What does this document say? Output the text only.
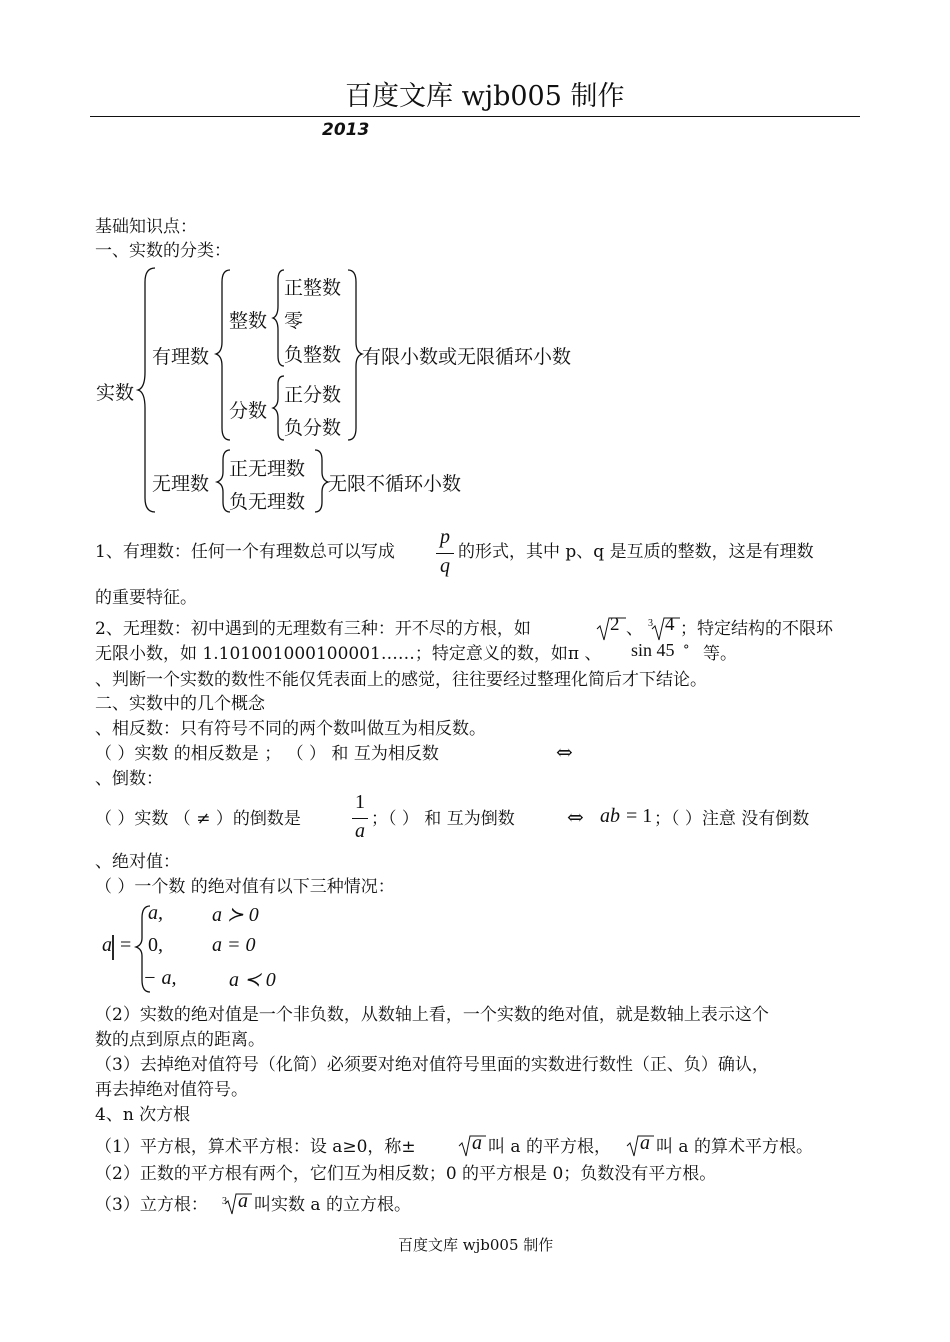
百度文库 wjb005 制作
2013
基础知识点：
一、实数的分类：
实数
有理数
整数
正整数
零
负整数 有限小数或无限循环小数
分数
正分数
负分数
无理数
正无理数
负无理数
无限不循环小数
1、有理数：任何一个有理数总可以写成
p
q
的形式，其中 p、q 是互质的整数，这是有理数
的重要特征。
2、无理数：初中遇到的无理数有三种：开不尽的方根，如	2 、 3 4 ；特定结构的不限环
无限小数，如 1.101001000100001……；特定意义的数，如π 、 sin 45 ° 等。
、判断一个实数的数性不能仅凭表面上的感觉，往往要经过整理化简后才下结论。
二、实数中的几个概念
、相反数：只有符号不同的两个数叫做互为相反数。
（ ）实数 的相反数是 ； （ ） 和 互为相反数	⇔
、倒数：
（ ）实数 （ ≠ ）的倒数是
1
a
；（ ） 和 互为倒数	⇔ ab = 1 ；（ ）注意 没有倒数
、绝对值：
（ ）一个数 的绝对值有以下三种情况：
a =
a, a ≻ 0
0, a = 0
− a,	a ≺ 0
（2）实数的绝对值是一个非负数，从数轴上看，一个实数的绝对值，就是数轴上表示这个
数的点到原点的距离。
（3）去掉绝对值符号（化简）必须要对绝对值符号里面的实数进行数性（正、负）确认，
再去掉绝对值符号。
4、n 次方根
（1）平方根，算术平方根：设 a≥0，称±	a 叫 a 的平方根， a 叫 a 的算术平方根。
（2）正数的平方根有两个，它们互为相反数；0 的平方根是 0；负数没有平方根。
（3）立方根： 3 a 叫实数 a 的立方根。
百度文库 wjb005 制作
